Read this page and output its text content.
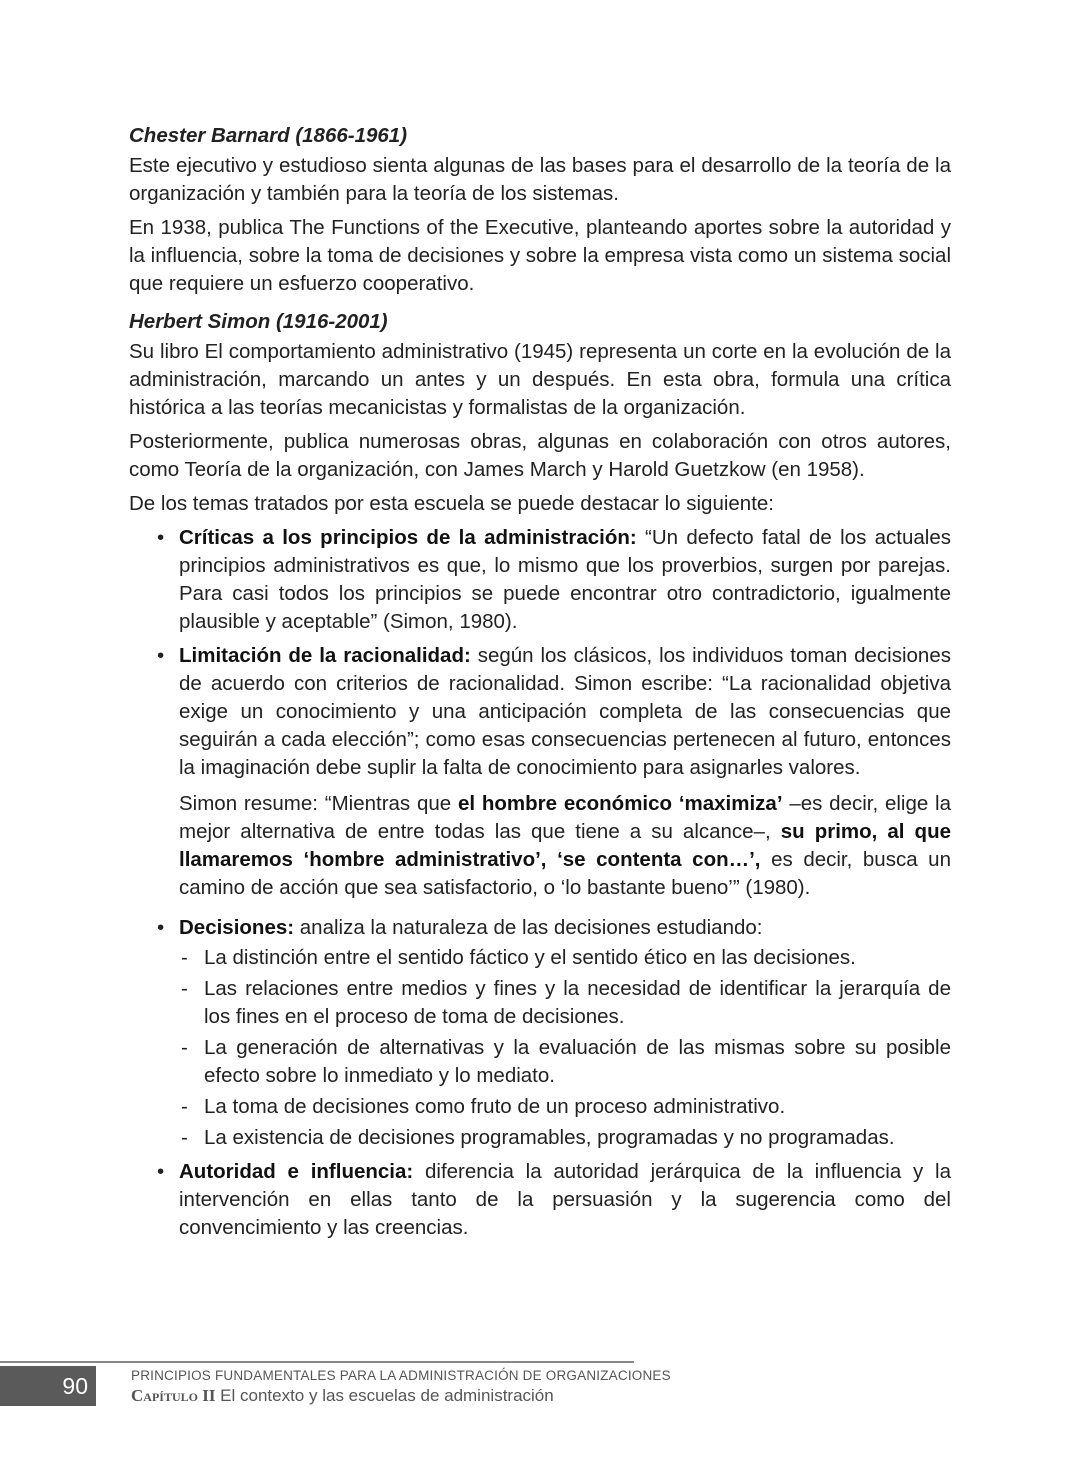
Chester Barnard (1866-1961)

Este ejecutivo y estudioso sienta algunas de las bases para el desarrollo de la teoría de la organización y también para la teoría de los sistemas.

En 1938, publica The Functions of the Executive, planteando aportes sobre la autoridad y la influencia, sobre la toma de decisiones y sobre la empresa vista como un sistema social que requiere un esfuerzo cooperativo.

Herbert Simon (1916-2001)

Su libro El comportamiento administrativo (1945) representa un corte en la evolución de la administración, marcando un antes y un después. En esta obra, formula una crítica histórica a las teorías mecanicistas y formalistas de la organización.

Posteriormente, publica numerosas obras, algunas en colaboración con otros autores, como Teoría de la organización, con James March y Harold Guetzkow (en 1958).

De los temas tratados por esta escuela se puede destacar lo siguiente:

• Críticas a los principios de la administración: “Un defecto fatal de los actuales principios administrativos es que, lo mismo que los proverbios, surgen por parejas. Para casi todos los principios se puede encontrar otro contradictorio, igualmente plausible y aceptable” (Simon, 1980).
• Limitación de la racionalidad: según los clásicos, los individuos toman decisiones de acuerdo con criterios de racionalidad. Simon escribe: “La racionalidad objetiva exige un conocimiento y una anticipación completa de las consecuencias que seguirán a cada elección”; como esas consecuencias pertenecen al futuro, entonces la imaginación debe suplir la falta de conocimiento para asignarles valores.
Simon resume: “Mientras que el hombre económico ‘maximiza’ –es decir, elige la mejor alternativa de entre todas las que tiene a su alcance–, su primo, al que llamaremos ‘hombre administrativo’, ‘se contenta con…’, es decir, busca un camino de acción que sea satisfactorio, o ‘lo bastante bueno’” (1980).
• Decisiones: analiza la naturaleza de las decisiones estudiando:
- La distinción entre el sentido fáctico y el sentido ético en las decisiones.
- Las relaciones entre medios y fines y la necesidad de identificar la jerarquía de los fines en el proceso de toma de decisiones.
- La generación de alternativas y la evaluación de las mismas sobre su posible efecto sobre lo inmediato y lo mediato.
- La toma de decisiones como fruto de un proceso administrativo.
- La existencia de decisiones programables, programadas y no programadas.
• Autoridad e influencia: diferencia la autoridad jerárquica de la influencia y la intervención en ellas tanto de la persuasión y la sugerencia como del convencimiento y las creencias.
90	PRINCIPIOS FUNDAMENTALES PARA LA ADMINISTRACIÓN DE ORGANIZACIONES
Capítulo II El contexto y las escuelas de administración
